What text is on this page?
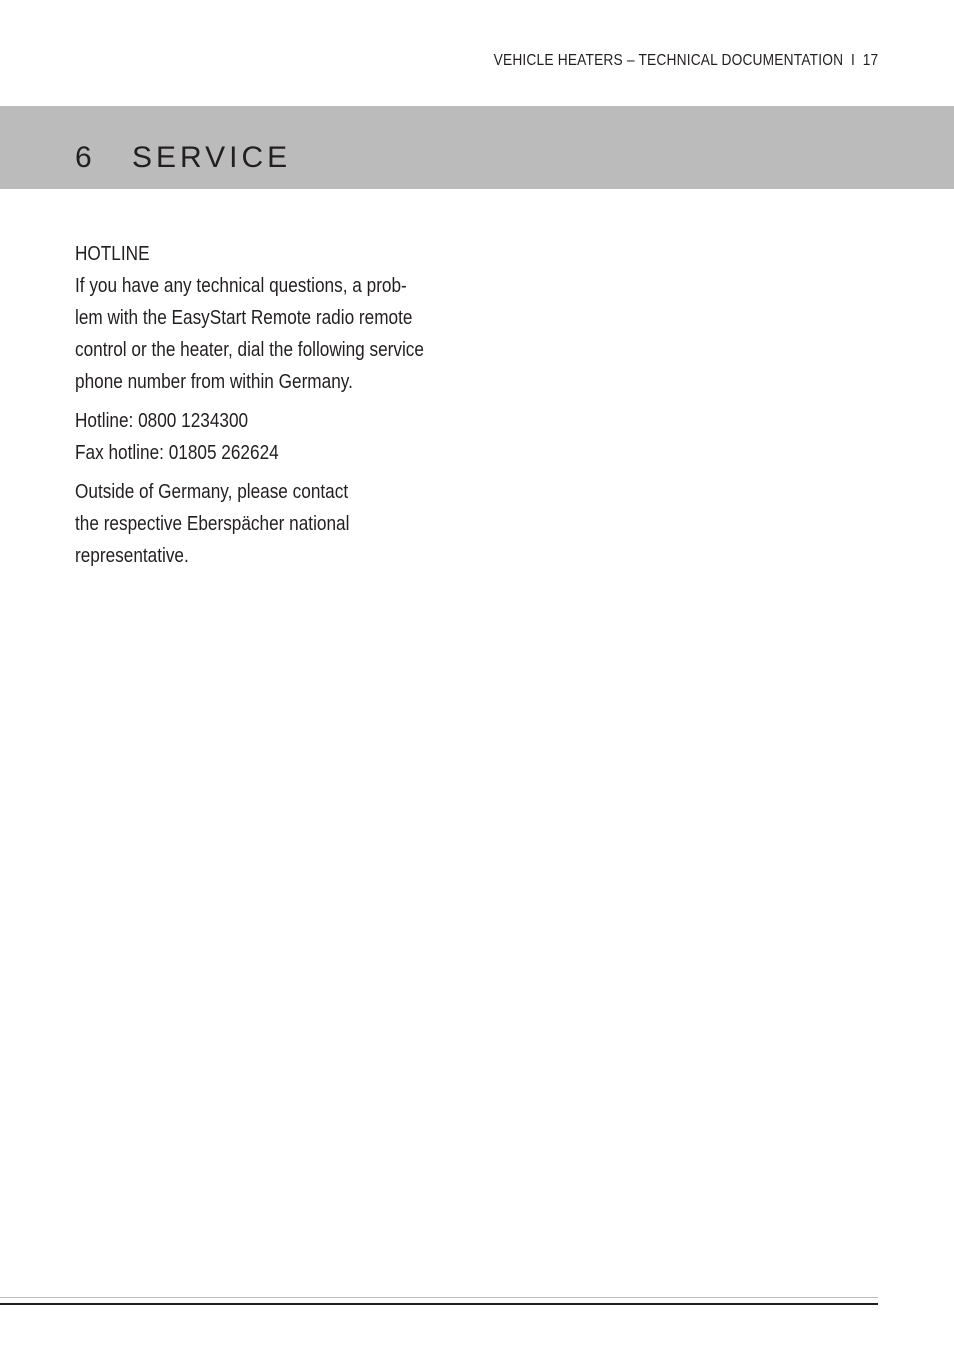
VEHICLE HEATERS – TECHNICAL DOCUMENTATION I 17
6 SERVICE
HOTLINE

If you have any technical questions, a prob-
lem with the EasyStart Remote radio remote
control or the heater, dial the following service
phone number from within Germany.

Hotline: 0800 1234300
Fax hotline: 01805 262624

Outside of Germany, please contact
the respective Eberspächer national
representative.
